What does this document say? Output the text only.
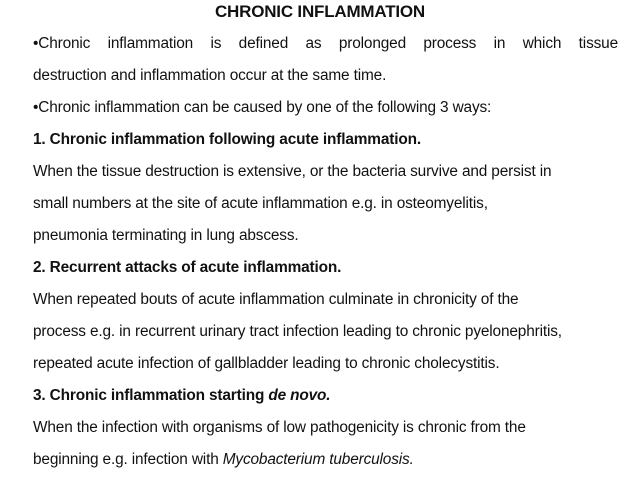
CHRONIC INFLAMMATION
•Chronic inflammation is defined as prolonged process in which tissue
destruction and inflammation occur at the same time.
•Chronic inflammation can be caused by one of the following 3 ways:
1. Chronic inflammation following acute inflammation.
When the tissue destruction is extensive, or the bacteria survive and persist in
small numbers at the site of acute inflammation e.g. in osteomyelitis,
pneumonia terminating in lung abscess.
2. Recurrent attacks of acute inflammation.
When repeated bouts of acute inflammation culminate in chronicity of the
process e.g. in recurrent urinary tract infection leading to chronic pyelonephritis,
repeated acute infection of gallbladder leading to chronic cholecystitis.
3. Chronic inflammation starting de novo.
When the infection with organisms of low pathogenicity is chronic from the
beginning e.g. infection with Mycobacterium tuberculosis.
